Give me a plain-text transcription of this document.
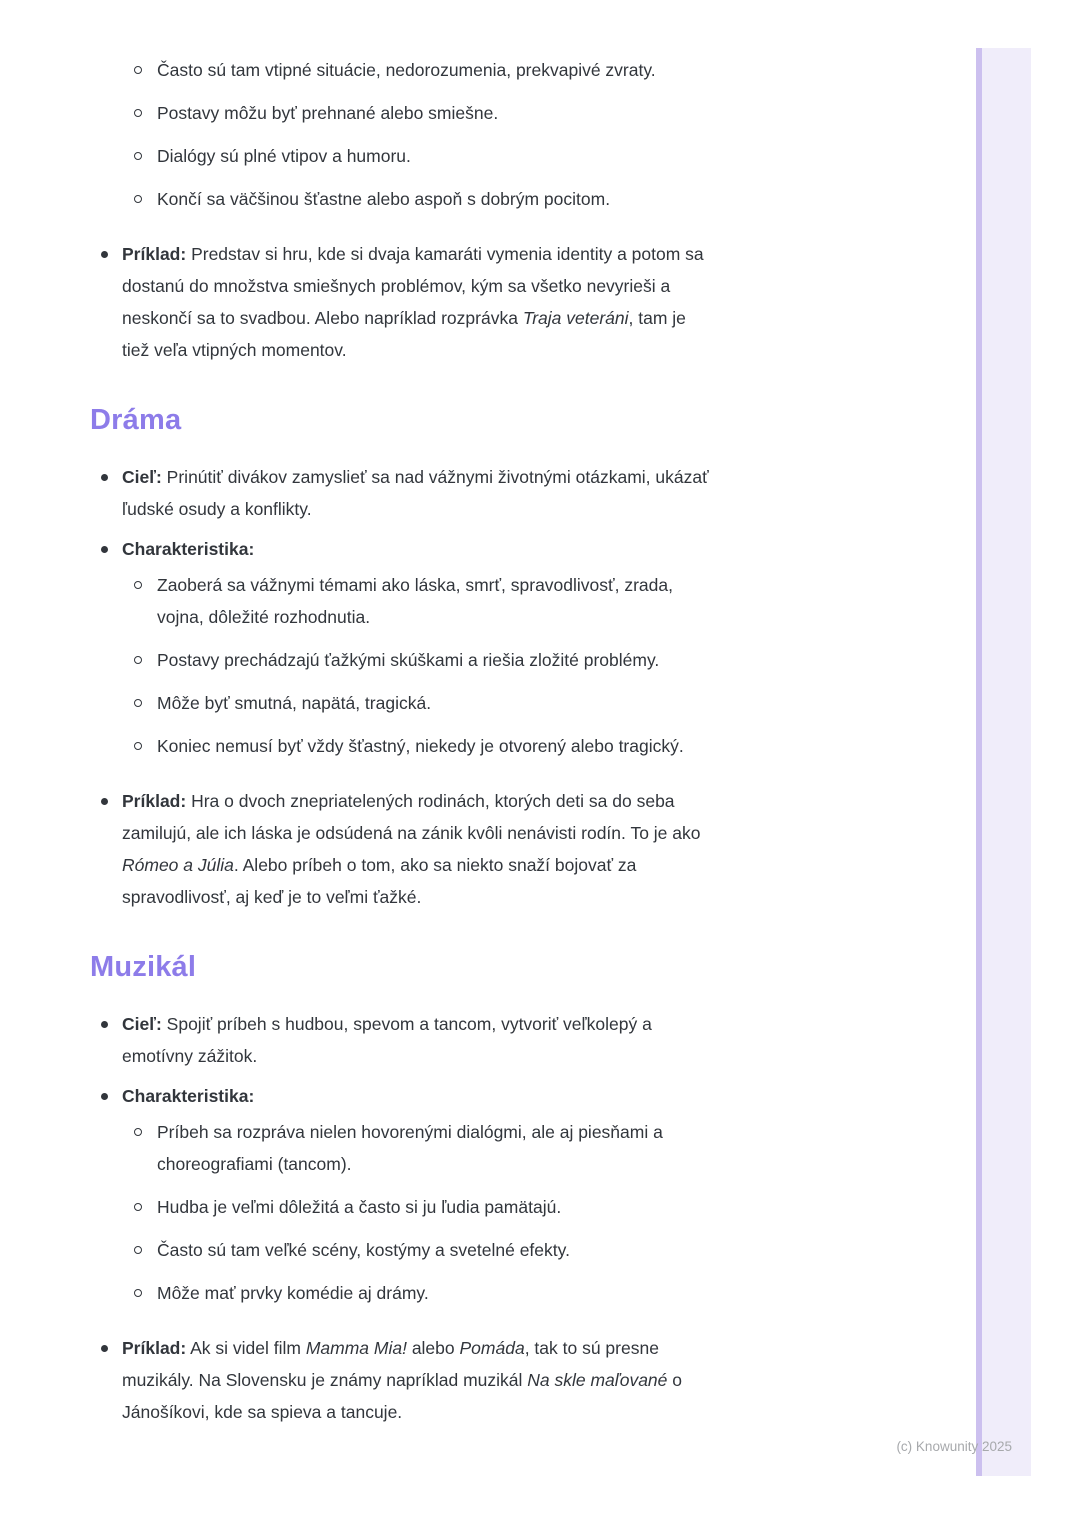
Často sú tam vtipné situácie, nedorozumenia, prekvapivé zvraty.
Postavy môžu byť prehnané alebo smiešne.
Dialógy sú plné vtipov a humoru.
Končí sa väčšinou šťastne alebo aspoň s dobrým pocitom.
Príklad: Predstav si hru, kde si dvaja kamaráti vymenia identity a potom sa
dostanú do množstva smiešnych problémov, kým sa všetko nevyrieši a
neskončí sa to svadbou. Alebo napríklad rozprávka Traja veteráni, tam je
tiež veľa vtipných momentov.
Dráma
Cieľ: Prinútiť divákov zamyslieť sa nad vážnymi životnými otázkami, ukázať
ľudské osudy a konflikty.
Charakteristika:
Zaoberá sa vážnymi témami ako láska, smrť, spravodlivosť, zrada,
vojna, dôležité rozhodnutia.
Postavy prechádzajú ťažkými skúškami a riešia zložité problémy.
Môže byť smutná, napätá, tragická.
Koniec nemusí byť vždy šťastný, niekedy je otvorený alebo tragický.
Príklad: Hra o dvoch znepriatelených rodinách, ktorých deti sa do seba
zamilujú, ale ich láska je odsúdená na zánik kvôli nenávisti rodín. To je ako
Rómeo a Júlia. Alebo príbeh o tom, ako sa niekto snaží bojovať za
spravodlivosť, aj keď je to veľmi ťažké.
Muzikál
Cieľ: Spojiť príbeh s hudbou, spevom a tancom, vytvoriť veľkolepý a
emotívny zážitok.
Charakteristika:
Príbeh sa rozpráva nielen hovorenými dialógmi, ale aj piesňami a
choreografiami (tancom).
Hudba je veľmi dôležitá a často si ju ľudia pamätajú.
Často sú tam veľké scény, kostýmy a svetelné efekty.
Môže mať prvky komédie aj drámy.
Príklad: Ak si videl film Mamma Mia! alebo Pomáda, tak to sú presne
muzikály. Na Slovensku je známy napríklad muzikál Na skle maľované o
Jánošíkovi, kde sa spieva a tancuje.
(c) Knowunity 2025
